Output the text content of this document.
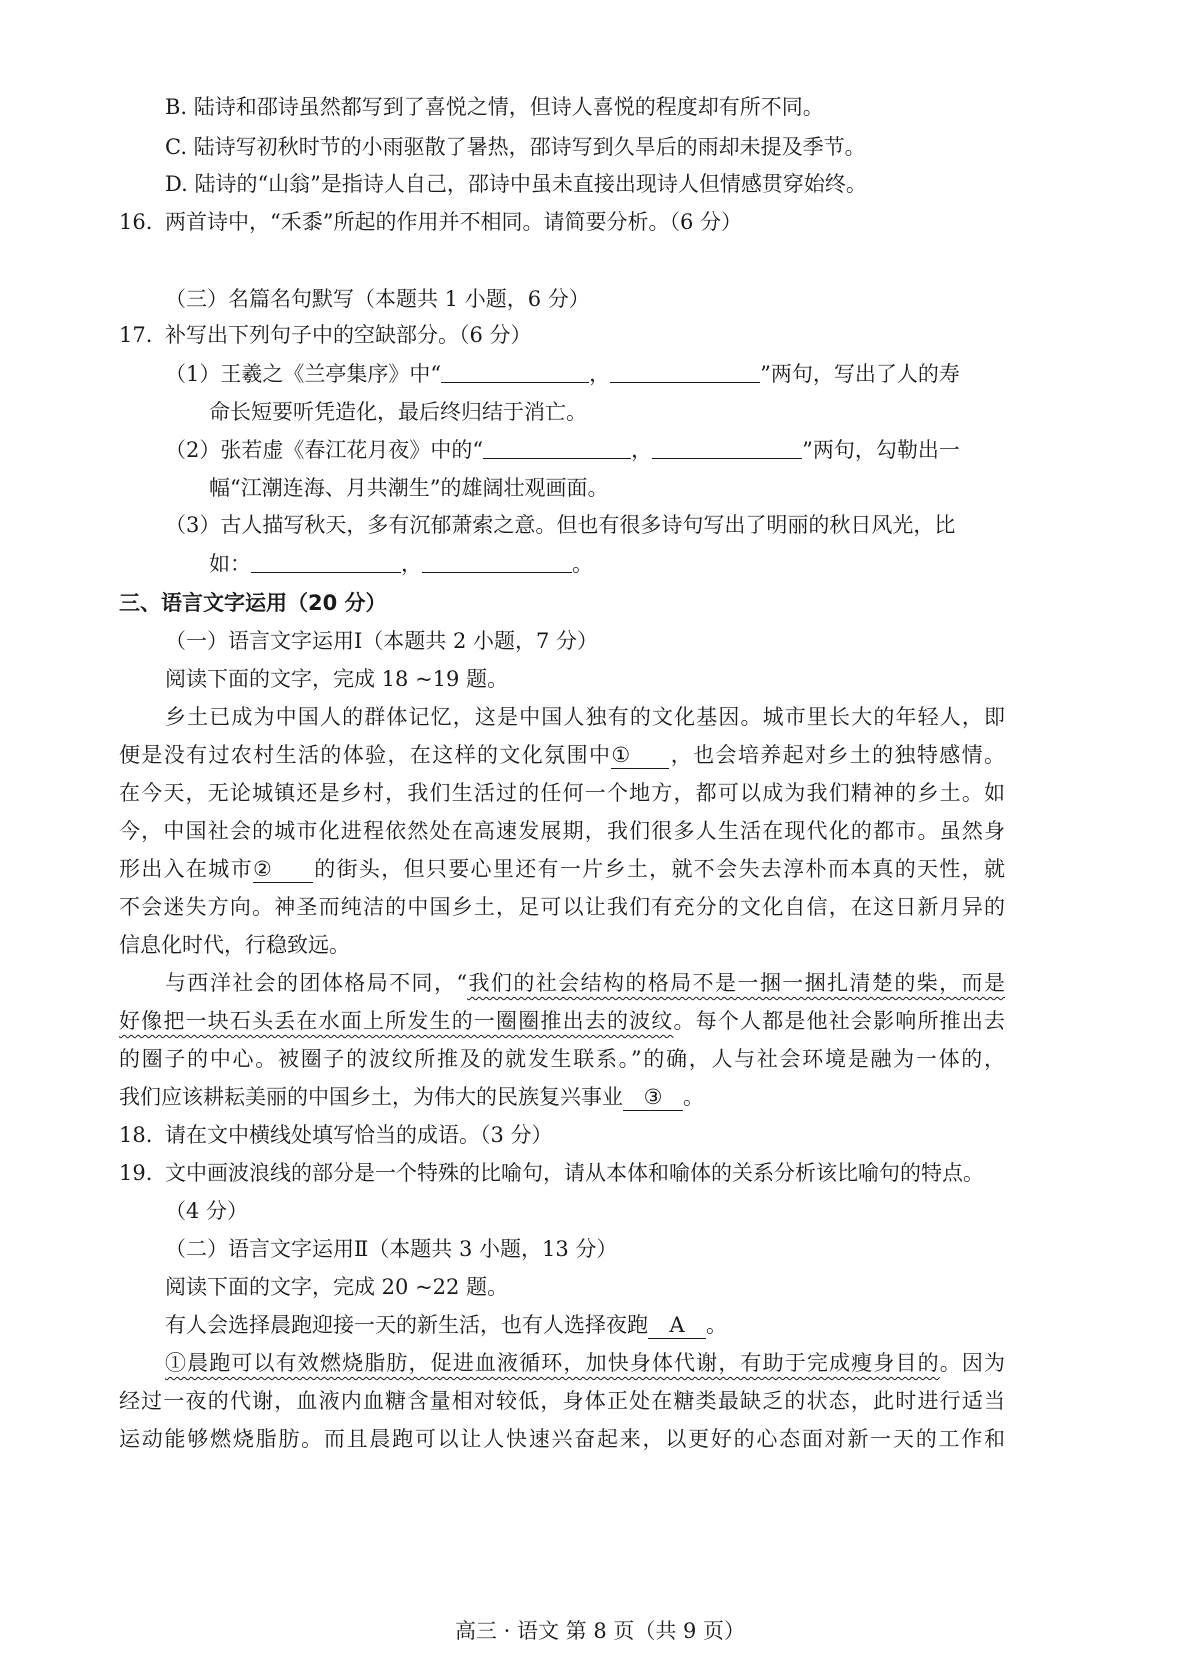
B. 陆诗和邵诗虽然都写到了喜悦之情，但诗人喜悦的程度却有所不同。
C. 陆诗写初秋时节的小雨驱散了暑热，邵诗写到久旱后的雨却未提及季节。
D. 陆诗的“山翁”是指诗人自己，邵诗中虽未直接出现诗人但情感贯穿始终。
16. 两首诗中，“禾黍”所起的作用并不相同。请简要分析。（6 分）
（三）名篇名句默写（本题共 1 小题，6 分）
17. 补写出下列句子中的空缺部分。（6 分）
（1）王羲之《兰亭集序》中“	，	”两句，写出了人的寿
命长短要听凭造化，最后终归结于消亡。
（2）张若虚《春江花月夜》中的“	，	”两句，勾勒出一
幅“江潮连海、月共潮生”的雄阔壮观画面。
（3）古人描写秋天，多有沉郁萧索之意。但也有很多诗句写出了明丽的秋日风光，比
如：	，	。
三、语言文字运用（20 分）
（一）语言文字运用Ⅰ（本题共 2 小题，7 分）
阅读下面的文字，完成 18 ~19 题。
乡土已成为中国人的群体记忆，这是中国人独有的文化基因。城市里长大的年轻人，即
便是没有过农村生活的体验，在这样的文化氛围中① ，也会培养起对乡土的独特感情。
在今天，无论城镇还是乡村，我们生活过的任何一个地方，都可以成为我们精神的乡土。如
今，中国社会的城市化进程依然处在高速发展期，我们很多人生活在现代化的都市。虽然身
形出入在城市② 的街头，但只要心里还有一片乡土，就不会失去淳朴而本真的天性，就
不会迷失方向。神圣而纯洁的中国乡土，足可以让我们有充分的文化自信，在这日新月异的
信息化时代，行稳致远。
与西洋社会的团体格局不同，“我们的社会结构的格局不是一捆一捆扎清楚的柴，而是
好像把一块石头丢在水面上所发生的一圈圈推出去的波纹。每个人都是他社会影响所推出去
的圈子的中心。被圈子的波纹所推及的就发生联系。”的确，人与社会环境是融为一体的，
我们应该耕耘美丽的中国乡土，为伟大的民族复兴事业 ③ 。
18. 请在文中横线处填写恰当的成语。（3 分）
19. 文中画波浪线的部分是一个特殊的比喻句，请从本体和喻体的关系分析该比喻句的特点。
（4 分）
（二）语言文字运用Ⅱ（本题共 3 小题，13 分）
阅读下面的文字，完成 20 ~22 题。
有人会选择晨跑迎接一天的新生活，也有人选择夜跑 A 。
①晨跑可以有效燃烧脂肪，促进血液循环，加快身体代谢，有助于完成瘦身目的。因为
经过一夜的代谢，血液内血糖含量相对较低，身体正处在糖类最缺乏的状态，此时进行适当
运动能够燃烧脂肪。而且晨跑可以让人快速兴奋起来，以更好的心态面对新一天的工作和
高三 · 语文 第 8 页（共 9 页）
